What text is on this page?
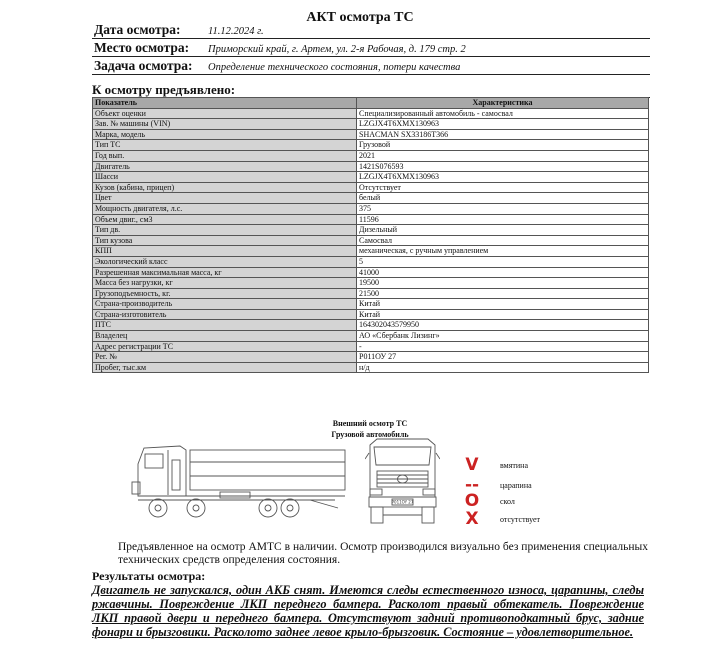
АКТ осмотра ТС
Дата осмотра:	11.12.2024 г.
Место осмотра: Приморский край, г. Артем, ул. 2-я Рабочая, д. 179 стр. 2
Задача осмотра: Определение технического состояния, потери качества
К осмотру предъявлено:
Показатель	Характеристика
Объект оценки	Специализированный автомобиль - самосвал
Зав. № машины (VIN)	LZGJX4T6XMX130963
Марка, модель	SHACMAN SX33186T366
Тип ТС	Грузовой
Год вып.	2021
Двигатель	1421S076593
Шасси	LZGJX4T6XMX130963
Кузов (кабина, прицеп)	Отсутствует
Цвет	белый
Мощность двигателя, л.с.	375
Объем двиг., см3	11596
Тип дв.	Дизельный
Тип кузова	Самосвал
КПП	механическая, с ручным управлением
Экологический класс	5
Разрешенная максимальная масса, кг	41000
Масса без нагрузки, кг	19500
Грузоподъемность, кг.	21500
Страна-производитель	Китай
Страна-изготовитель	Китай
ПТС	164302043579950
Владелец	АО «Сбербанк Лизинг»
Адрес регистрации ТС	-
Рег. №	Р011ОУ 27
Пробег, тыс.км	н/д
Внешний осмотр ТС
Грузовой автомобиль
P011OY 27
V	вмятина
--	царапина
O	скол
X	отсутствует
Предъявленное на осмотр АМТС в наличии. Осмотр производился визуально без применения специальных технических средств определения состояния.
Результаты осмотра:
Двигатель не запускался, один АКБ снят. Имеются следы естественного износа, царапины, следы ржавчины. Повреждение ЛКП переднего бампера. Расколот правый обтекатель. Повреждение ЛКП правой двери и переднего бампера. Отсутствуют задний противоподкатный брус, задние фонари и брызговики. Расколото заднее левое крыло-брызговик. Состояние – удовлетворительное.
